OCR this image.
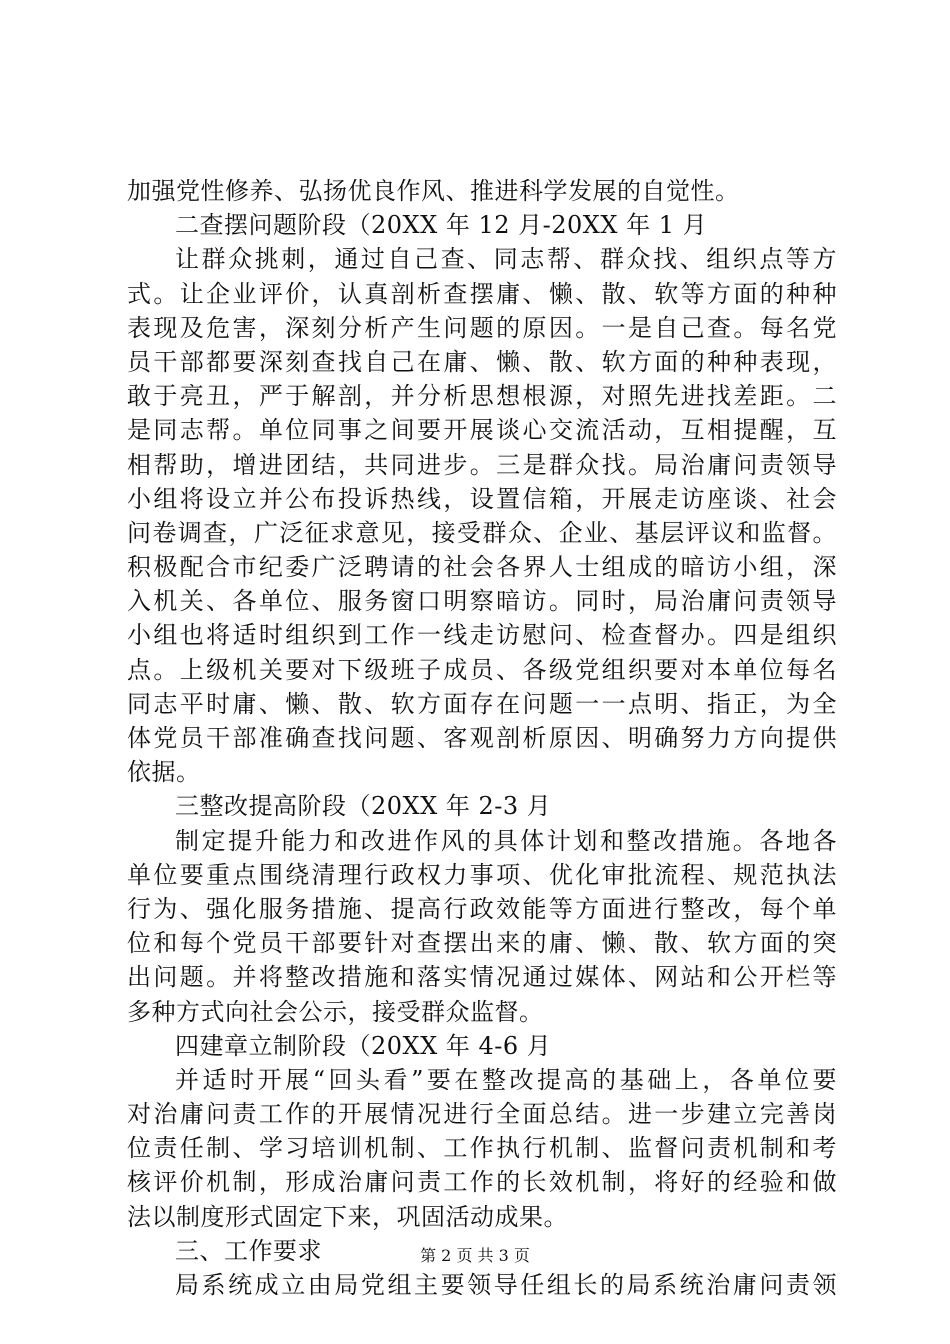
加强党性修养、弘扬优良作风、推进科学发展的自觉性。
二查摆问题阶段（20XX 年 12 月-20XX 年 1 月
让群众挑刺，通过自己查、同志帮、群众找、组织点等方
式。让企业评价，认真剖析查摆庸、懒、散、软等方面的种种
表现及危害，深刻分析产生问题的原因。一是自己查。每名党
员干部都要深刻查找自己在庸、懒、散、软方面的种种表现，
敢于亮丑，严于解剖，并分析思想根源，对照先进找差距。二
是同志帮。单位同事之间要开展谈心交流活动，互相提醒，互
相帮助，增进团结，共同进步。三是群众找。局治庸问责领导
小组将设立并公布投诉热线，设置信箱，开展走访座谈、社会
问卷调查，广泛征求意见，接受群众、企业、基层评议和监督。
积极配合市纪委广泛聘请的社会各界人士组成的暗访小组，深
入机关、各单位、服务窗口明察暗访。同时，局治庸问责领导
小组也将适时组织到工作一线走访慰问、检查督办。四是组织
点。上级机关要对下级班子成员、各级党组织要对本单位每名
同志平时庸、懒、散、软方面存在问题一一点明、指正，为全
体党员干部准确查找问题、客观剖析原因、明确努力方向提供
依据。
三整改提高阶段（20XX 年 2-3 月
制定提升能力和改进作风的具体计划和整改措施。各地各
单位要重点围绕清理行政权力事项、优化审批流程、规范执法
行为、强化服务措施、提高行政效能等方面进行整改，每个单
位和每个党员干部要针对查摆出来的庸、懒、散、软方面的突
出问题。并将整改措施和落实情况通过媒体、网站和公开栏等
多种方式向社会公示，接受群众监督。
四建章立制阶段（20XX 年 4-6 月
并适时开展“回头看”要在整改提高的基础上，各单位要
对治庸问责工作的开展情况进行全面总结。进一步建立完善岗
位责任制、学习培训机制、工作执行机制、监督问责机制和考
核评价机制，形成治庸问责工作的长效机制，将好的经验和做
法以制度形式固定下来，巩固活动成果。
三、工作要求
局系统成立由局党组主要领导任组长的局系统治庸问责领
第 2 页 共 3 页
